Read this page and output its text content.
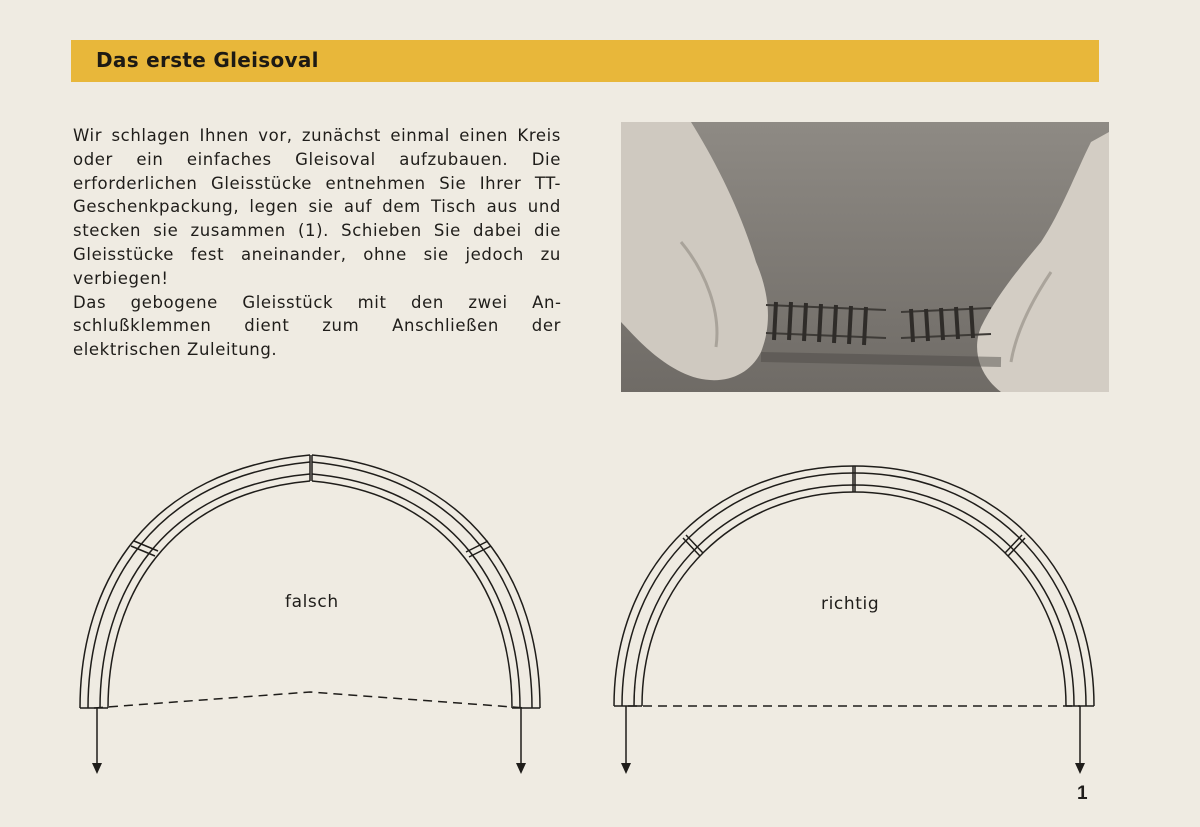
Das erste Gleisoval

Wir schlagen Ihnen vor, zunächst einmal einen Kreis oder ein einfaches Gleisoval aufzubauen. Die erforderlichen Gleisstücke entnehmen Sie Ihrer TT-Geschenkpackung, legen sie auf dem Tisch aus und stecken sie zusammen (1). Schieben Sie dabei die Gleisstücke fest aneinander, ohne sie jedoch zu verbiegen!

Das gebogene Gleisstück mit den zwei Anschlußklemmen dient zum Anschließen der elektrischen Zuleitung.

falsch	richtig
1
